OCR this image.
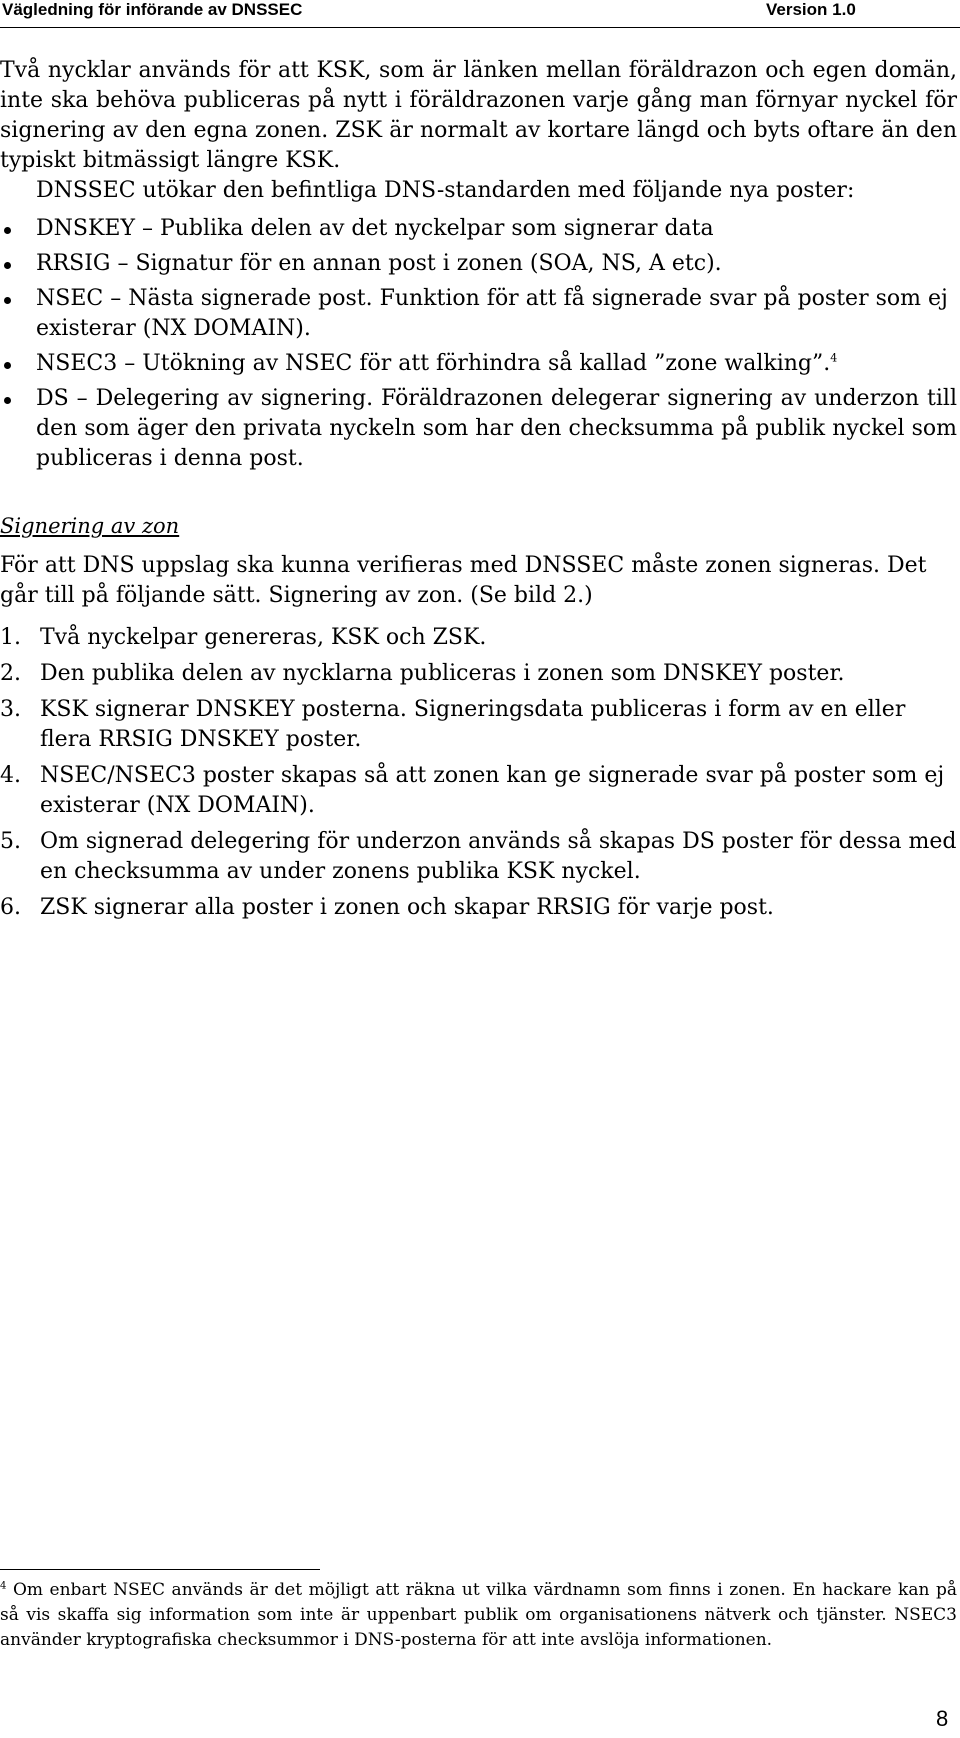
Vägledning för införande av DNSSEC	Version 1.0

Två nycklar används för att KSK, som är länken mellan föräldrazon och egen domän, inte ska behöva publiceras på nytt i föräldrazonen varje gång man förnyar nyckel för signering av den egna zonen. ZSK är normalt av kortare längd och byts oftare än den typiskt bitmässigt längre KSK.

DNSSEC utökar den befintliga DNS-standarden med följande nya poster:

DNSKEY – Publika delen av det nyckelpar som signerar data
RRSIG – Signatur för en annan post i zonen (SOA, NS, A etc).
NSEC – Nästa signerade post. Funktion för att få signerade svar på poster som ej existerar (NX DOMAIN).
NSEC3 – Utökning av NSEC för att förhindra så kallad ”zone walking”.$^4$
DS – Delegering av signering. Föräldrazonen delegerar signering av underzon till den som äger den privata nyckeln som har den checksumma på publik nyckel som publiceras i denna post.

Signering av zon

För att DNS uppslag ska kunna verifieras med DNSSEC måste zonen signeras. Det går till på följande sätt. Signering av zon. (Se bild 2.)

1. Två nyckelpar genereras, KSK och ZSK.
2. Den publika delen av nycklarna publiceras i zonen som DNSKEY poster.
3. KSK signerar DNSKEY posterna. Signeringsdata publiceras i form av en eller flera RRSIG DNSKEY poster.
4. NSEC/NSEC3 poster skapas så att zonen kan ge signerade svar på poster som ej existerar (NX DOMAIN).
5. Om signerad delegering för underzon används så skapas DS poster för dessa med en checksumma av under zonens publika KSK nyckel.
6. ZSK signerar alla poster i zonen och skapar RRSIG för varje post.
$^4$ Om enbart NSEC används är det möjligt att räkna ut vilka värdnamn som finns i zonen. En hackare kan på så vis skaffa sig information som inte är uppenbart publik om organisationens nätverk och tjänster. NSEC3 använder kryptografiska checksummor i DNS-posterna för att inte avslöja informationen.
8
